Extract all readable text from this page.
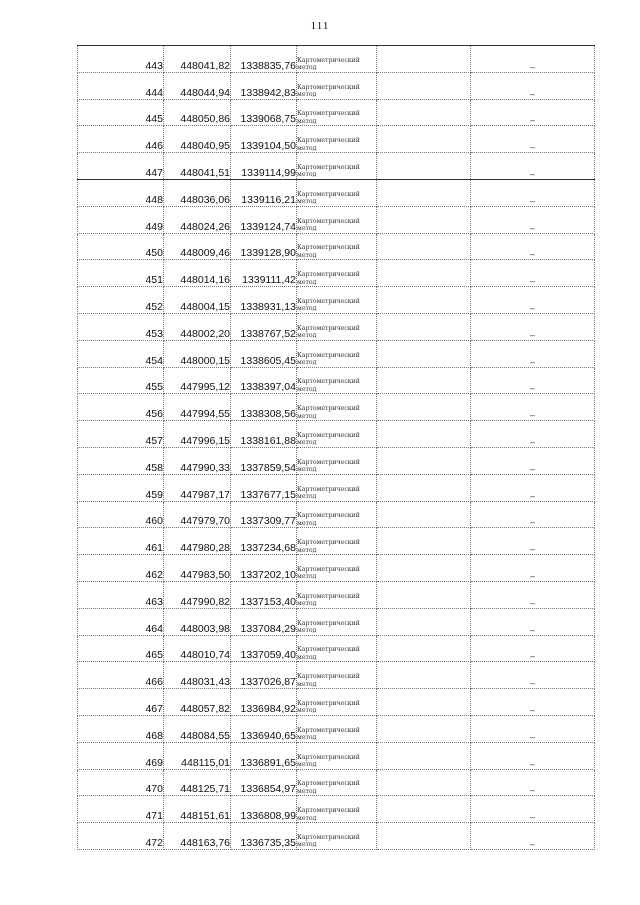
111
443	448041,82	1338835,76	Картометрический метод		–
444	448044,94	1338942,83	Картометрический метод		–
445	448050,86	1339068,75	Картометрический метод		–
446	448040,95	1339104,50	Картометрический метод		–
447	448041,51	1339114,99	Картометрический метод		–
448	448036,06	1339116,21	Картометрический метод		–
449	448024,26	1339124,74	Картометрический метод		–
450	448009,46	1339128,90	Картометрический метод		–
451	448014,16	1339111,42	Картометрический метод		–
452	448004,15	1338931,13	Картометрический метод		–
453	448002,20	1338767,52	Картометрический метод		–
454	448000,15	1338605,45	Картометрический метод		–
455	447995,12	1338397,04	Картометрический метод		–
456	447994,55	1338308,56	Картометрический метод		–
457	447996,15	1338161,88	Картометрический метод		–
458	447990,33	1337859,54	Картометрический метод		–
459	447987,17	1337677,15	Картометрический метод		–
460	447979,70	1337309,77	Картометрический метод		–
461	447980,28	1337234,68	Картометрический метод		–
462	447983,50	1337202,10	Картометрический метод		–
463	447990,82	1337153,40	Картометрический метод		–
464	448003,98	1337084,29	Картометрический метод		–
465	448010,74	1337059,40	Картометрический метод		–
466	448031,43	1337026,87	Картометрический метод		–
467	448057,82	1336984,92	Картометрический метод		–
468	448084,55	1336940,65	Картометрический метод		–
469	448115,01	1336891,65	Картометрический метод		–
470	448125,71	1336854,97	Картометрический метод		–
471	448151,61	1336808,99	Картометрический метод		–
472	448163,76	1336735,35	Картометрический метод		–
